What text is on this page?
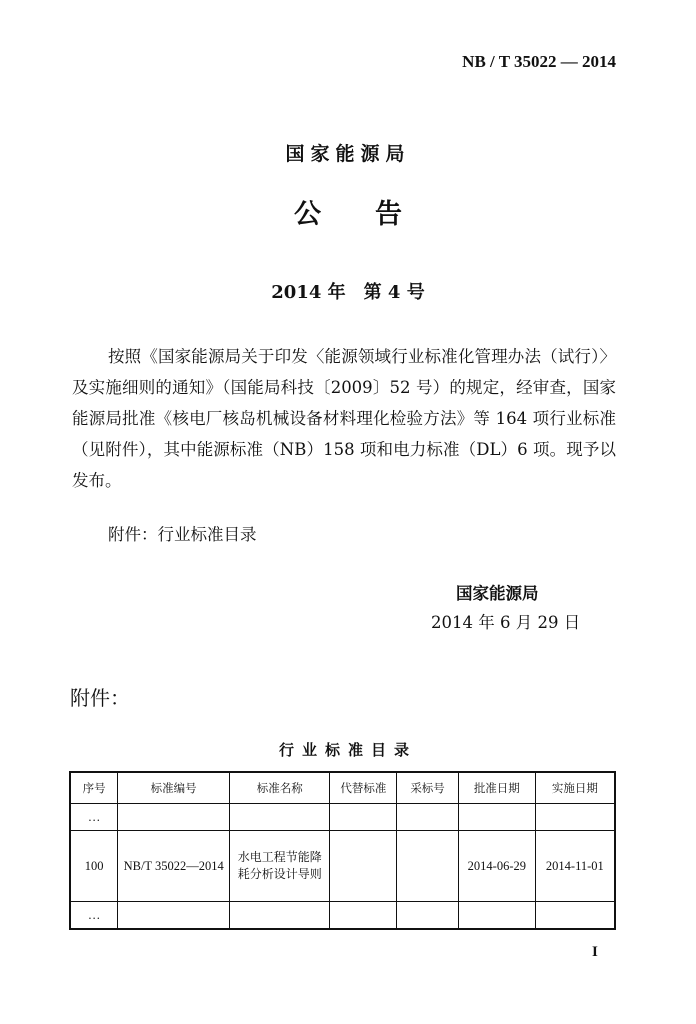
NB / T 35022 — 2014
国家能源局
公告
2014 年　第 4 号

按照《国家能源局关于印发〈能源领域行业标准化管理办法（试行）〉及实施细则的通知》（国能局科技〔2009〕52 号）的规定，经审查，国家能源局批准《核电厂核岛机械设备材料理化检验方法》等 164 项行业标准（见附件），其中能源标准（NB）158 项和电力标准（DL）6 项。现予以发布。

附件：行业标准目录
国家能源局
2014 年 6 月 29 日
附件：
行业标准目录
序号	标准编号	标准名称	代替标准	采标号	批准日期	实施日期
…						
100	NB/T 35022—2014	水电工程节能降耗分析设计导则			2014-06-29	2014-11-01
…						
I
